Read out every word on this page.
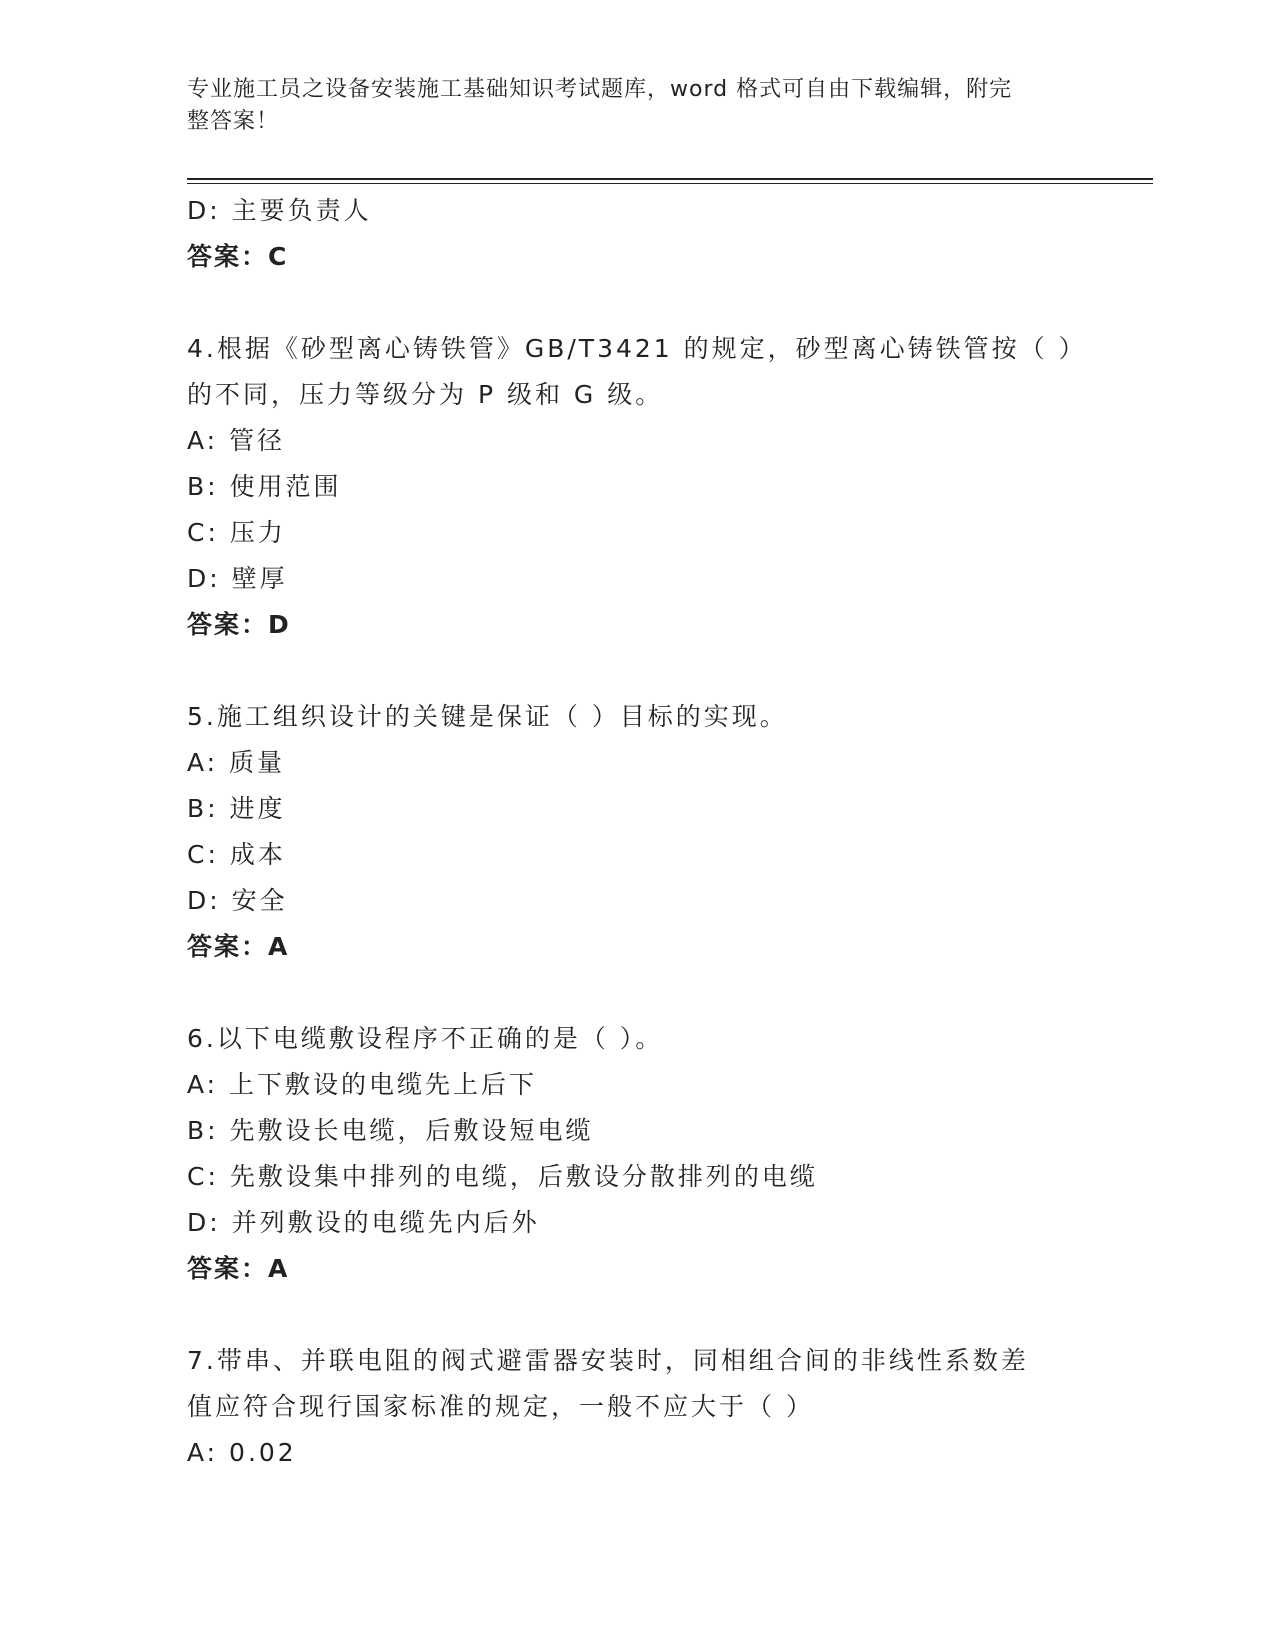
专业施工员之设备安装施工基础知识考试题库，word 格式可自由下载编辑，附完
整答案！
D: 主要负责人
答案：C
4.根据《砂型离心铸铁管》GB/T3421 的规定，砂型离心铸铁管按（ ）
的不同，压力等级分为 P 级和 G 级。
A: 管径
B: 使用范围
C: 压力
D: 壁厚
答案：D
5.施工组织设计的关键是保证（ ）目标的实现。
A: 质量
B: 进度
C: 成本
D: 安全
答案：A
6.以下电缆敷设程序不正确的是（ ）。
A: 上下敷设的电缆先上后下
B: 先敷设长电缆，后敷设短电缆
C: 先敷设集中排列的电缆，后敷设分散排列的电缆
D: 并列敷设的电缆先内后外
答案：A
7.带串、并联电阻的阀式避雷器安装时，同相组合间的非线性系数差
值应符合现行国家标准的规定，一般不应大于（ ）
A: 0.02
